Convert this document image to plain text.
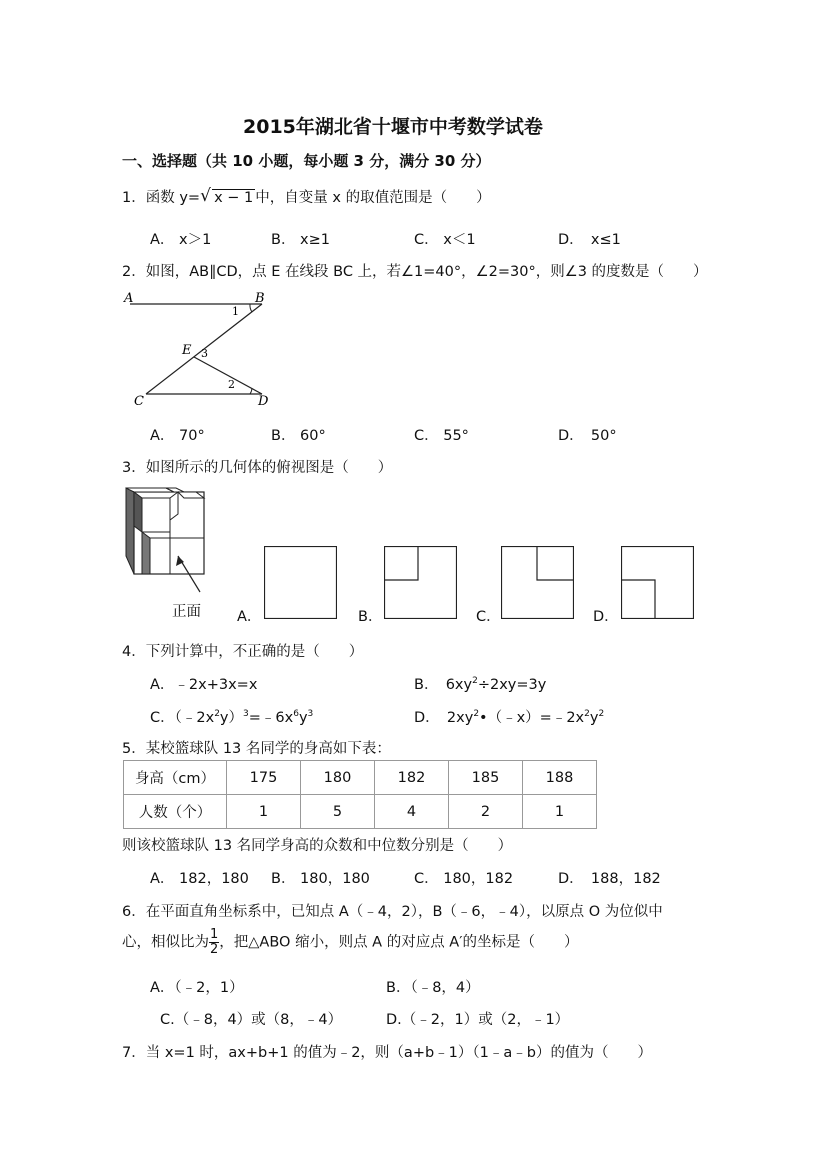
2015年湖北省十堰市中考数学试卷
一、选择题（共 10 小题，每小题 3 分，满分 30 分）
1．函数 y= √ x − 1 中，自变量 x 的取值范围是（　　）
A． x＞1	B． x≥1	C． x＜1	D．　x≤1
2．如图，AB∥CD，点 E 在线段 BC 上，若∠1=40°，∠2=30°，则∠3 的度数是（　　）
A	B
1
E 3
2
C	D
A． 70°	B． 60°	C． 55°	D．　50°
3．如图所示的几何体的俯视图是（　　）
正面 A．	B．	C．	D．
4．下列计算中，不正确的是（　　）
A．﹣2x+3x=x	B．　$6xy^2\div 2xy=3y$
C．$(﹣2x^2y)^3=﹣6x^6y^3$	D．　$2xy^2•(﹣x)=﹣2x^2y^2$
5．某校篮球队 13 名同学的身高如下表：
身高（cm）	175	180	182	185	188
人数（个）	1	5	4	2	1
则该校篮球队 13 名同学身高的众数和中位数分别是（　　）
A． 182，180 B． 180，180	C． 180，182	D．　188，182
6．在平面直角坐标系中，已知点 A（﹣4，2），B（﹣6，﹣4），以原点 O 为位似中
心，相似比为 $\frac{1}{2}$，把△ABO 缩小，则点 A 的对应点 A′的坐标是（　　）
A．（﹣2，1）	B．（﹣8，4）
C.（﹣8，4）或（8，﹣4）	D.（﹣2，1）或（2，﹣1）
7．当 x=1 时，ax+b+1 的值为﹣2，则（a+b﹣1）（1﹣a﹣b）的值为（　　）
